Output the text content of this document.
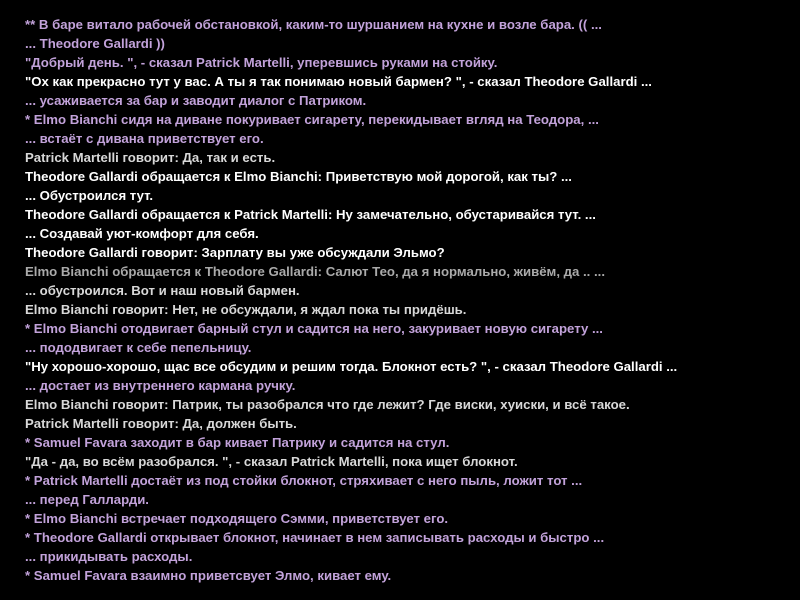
** В баре витало рабочей обстановкой, каким-то шуршанием на кухне и возле бара. (( ...
... Theodore Gallardi ))
"Добрый день. ", - сказал Patrick Martelli, уперевшись руками на стойку.
"Ох как прекрасно тут у вас. А ты я так понимаю новый бармен? ", - сказал Theodore Gallardi ...
... усаживается за бар и заводит диалог с Патриком.
* Elmo Bianchi сидя на диване покуривает сигарету, перекидывает вгляд на Теодора, ...
... встаёт с дивана приветствует его.
Patrick Martelli говорит: Да, так и есть.
Theodore Gallardi обращается к Elmo Bianchi: Приветствую мой дорогой, как ты? ...
... Обустроился тут.
Theodore Gallardi обращается к Patrick Martelli: Ну замечательно, обустаривайся тут. ...
... Создавай уют-комфорт для себя.
Theodore Gallardi говорит: Зарплату вы уже обсуждали Эльмо?
Elmo Bianchi обращается к Theodore Gallardi: Салют Тео, да я нормально, живём, да .. ...
... обустроился. Вот и наш новый бармен.
Elmo Bianchi говорит: Нет, не обсуждали, я ждал пока ты придёшь.
* Elmo Bianchi отодвигает барный стул и садится на него, закуривает новую сигарету ...
... пододвигает к себе пепельницу.
"Ну хорошо-хорошо, щас все обсудим и решим тогда. Блокнот есть? ", - сказал Theodore Gallardi ...
... достает из внутреннего кармана ручку.
Elmo Bianchi говорит: Патрик, ты разобрался что где лежит? Где виски, хуиски, и всё такое.
Patrick Martelli говорит: Да, должен быть.
* Samuel Favara заходит в бар кивает Патрику и садится на стул.
"Да - да, во всём разобрался. ", - сказал Patrick Martelli, пока ищет блокнот.
* Patrick Martelli достаёт из под стойки блокнот, стряхивает с него пыль, ложит тот ...
... перед Галларди.
* Elmo Bianchi встречает подходящего Сэмми, приветствует его.
* Theodore Gallardi открывает блокнот, начинает в нем записывать расходы и быстро ...
... прикидывать расходы.
* Samuel Favara взаимно приветсвует Элмо, кивает ему.
